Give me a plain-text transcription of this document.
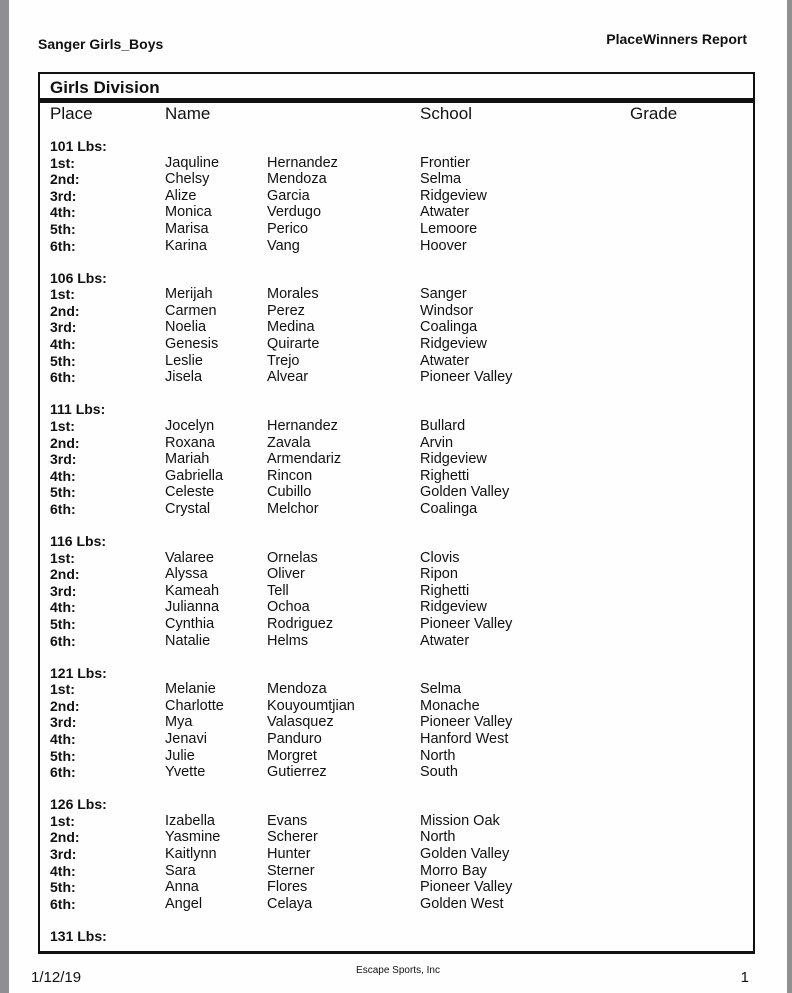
Sanger Girls_Boys	PlaceWinners Report
Girls Division
Place	Name	School	Grade
101 Lbs:
1st:	Jaquline	Hernandez	Frontier
2nd:	Chelsy	Mendoza	Selma
3rd:	Alize	Garcia	Ridgeview
4th:	Monica	Verdugo	Atwater
5th:	Marisa	Perico	Lemoore
6th:	Karina	Vang	Hoover
106 Lbs:
1st:	Merijah	Morales	Sanger
2nd:	Carmen	Perez	Windsor
3rd:	Noelia	Medina	Coalinga
4th:	Genesis	Quirarte	Ridgeview
5th:	Leslie	Trejo	Atwater
6th:	Jisela	Alvear	Pioneer Valley
111 Lbs:
1st:	Jocelyn	Hernandez	Bullard
2nd:	Roxana	Zavala	Arvin
3rd:	Mariah	Armendariz	Ridgeview
4th:	Gabriella	Rincon	Righetti
5th:	Celeste	Cubillo	Golden Valley
6th:	Crystal	Melchor	Coalinga
116 Lbs:
1st:	Valaree	Ornelas	Clovis
2nd:	Alyssa	Oliver	Ripon
3rd:	Kameah	Tell	Righetti
4th:	Julianna	Ochoa	Ridgeview
5th:	Cynthia	Rodriguez	Pioneer Valley
6th:	Natalie	Helms	Atwater
121 Lbs:
1st:	Melanie	Mendoza	Selma
2nd:	Charlotte	Kouyoumtjian	Monache
3rd:	Mya	Valasquez	Pioneer Valley
4th:	Jenavi	Panduro	Hanford West
5th:	Julie	Morgret	North
6th:	Yvette	Gutierrez	South
126 Lbs:
1st:	Izabella	Evans	Mission Oak
2nd:	Yasmine	Scherer	North
3rd:	Kaitlynn	Hunter	Golden Valley
4th:	Sara	Sterner	Morro Bay
5th:	Anna	Flores	Pioneer Valley
6th:	Angel	Celaya	Golden West
131 Lbs:
1/12/19	Escape Sports, Inc	1
